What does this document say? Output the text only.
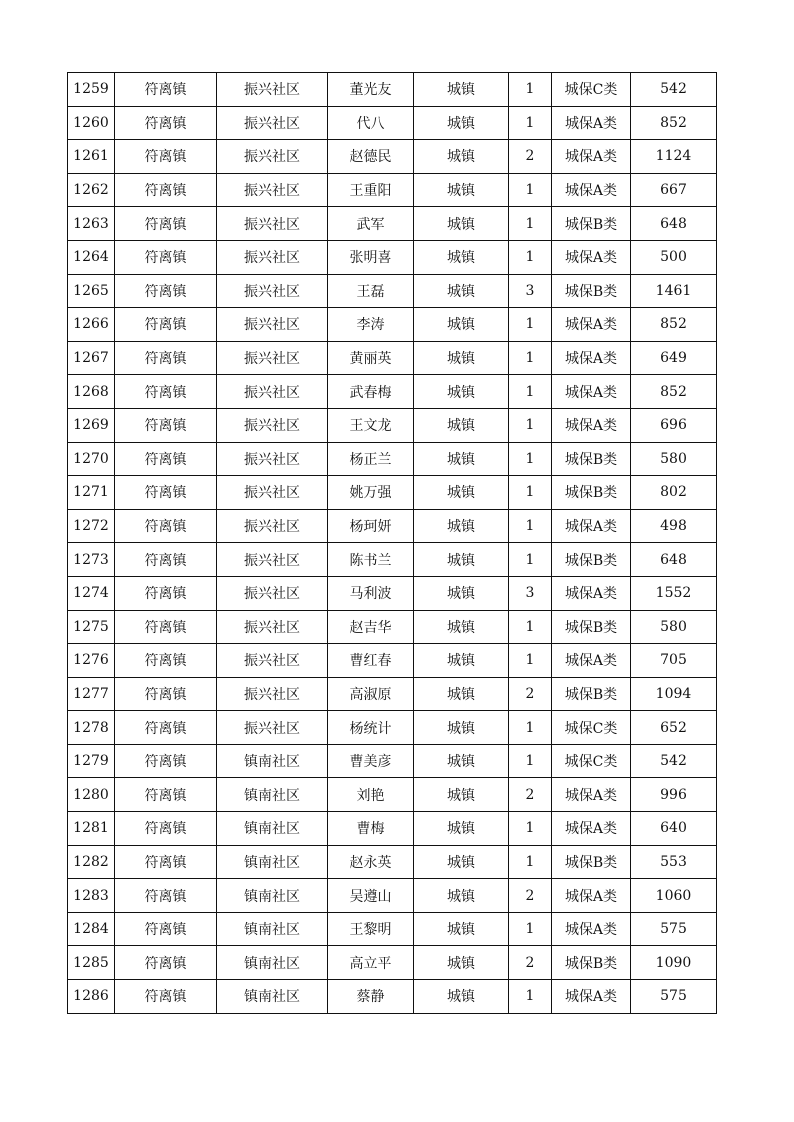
1259	符离镇	振兴社区	董光友	城镇	1	城保C类	542
1260	符离镇	振兴社区	代八	城镇	1	城保A类	852
1261	符离镇	振兴社区	赵德民	城镇	2	城保A类	1124
1262	符离镇	振兴社区	王重阳	城镇	1	城保A类	667
1263	符离镇	振兴社区	武军	城镇	1	城保B类	648
1264	符离镇	振兴社区	张明喜	城镇	1	城保A类	500
1265	符离镇	振兴社区	王磊	城镇	3	城保B类	1461
1266	符离镇	振兴社区	李涛	城镇	1	城保A类	852
1267	符离镇	振兴社区	黄丽英	城镇	1	城保A类	649
1268	符离镇	振兴社区	武春梅	城镇	1	城保A类	852
1269	符离镇	振兴社区	王文龙	城镇	1	城保A类	696
1270	符离镇	振兴社区	杨正兰	城镇	1	城保B类	580
1271	符离镇	振兴社区	姚万强	城镇	1	城保B类	802
1272	符离镇	振兴社区	杨珂妍	城镇	1	城保A类	498
1273	符离镇	振兴社区	陈书兰	城镇	1	城保B类	648
1274	符离镇	振兴社区	马利波	城镇	3	城保A类	1552
1275	符离镇	振兴社区	赵吉华	城镇	1	城保B类	580
1276	符离镇	振兴社区	曹红春	城镇	1	城保A类	705
1277	符离镇	振兴社区	高淑原	城镇	2	城保B类	1094
1278	符离镇	振兴社区	杨统计	城镇	1	城保C类	652
1279	符离镇	镇南社区	曹美彦	城镇	1	城保C类	542
1280	符离镇	镇南社区	刘艳	城镇	2	城保A类	996
1281	符离镇	镇南社区	曹梅	城镇	1	城保A类	640
1282	符离镇	镇南社区	赵永英	城镇	1	城保B类	553
1283	符离镇	镇南社区	吴遵山	城镇	2	城保A类	1060
1284	符离镇	镇南社区	王黎明	城镇	1	城保A类	575
1285	符离镇	镇南社区	高立平	城镇	2	城保B类	1090
1286	符离镇	镇南社区	蔡静	城镇	1	城保A类	575
